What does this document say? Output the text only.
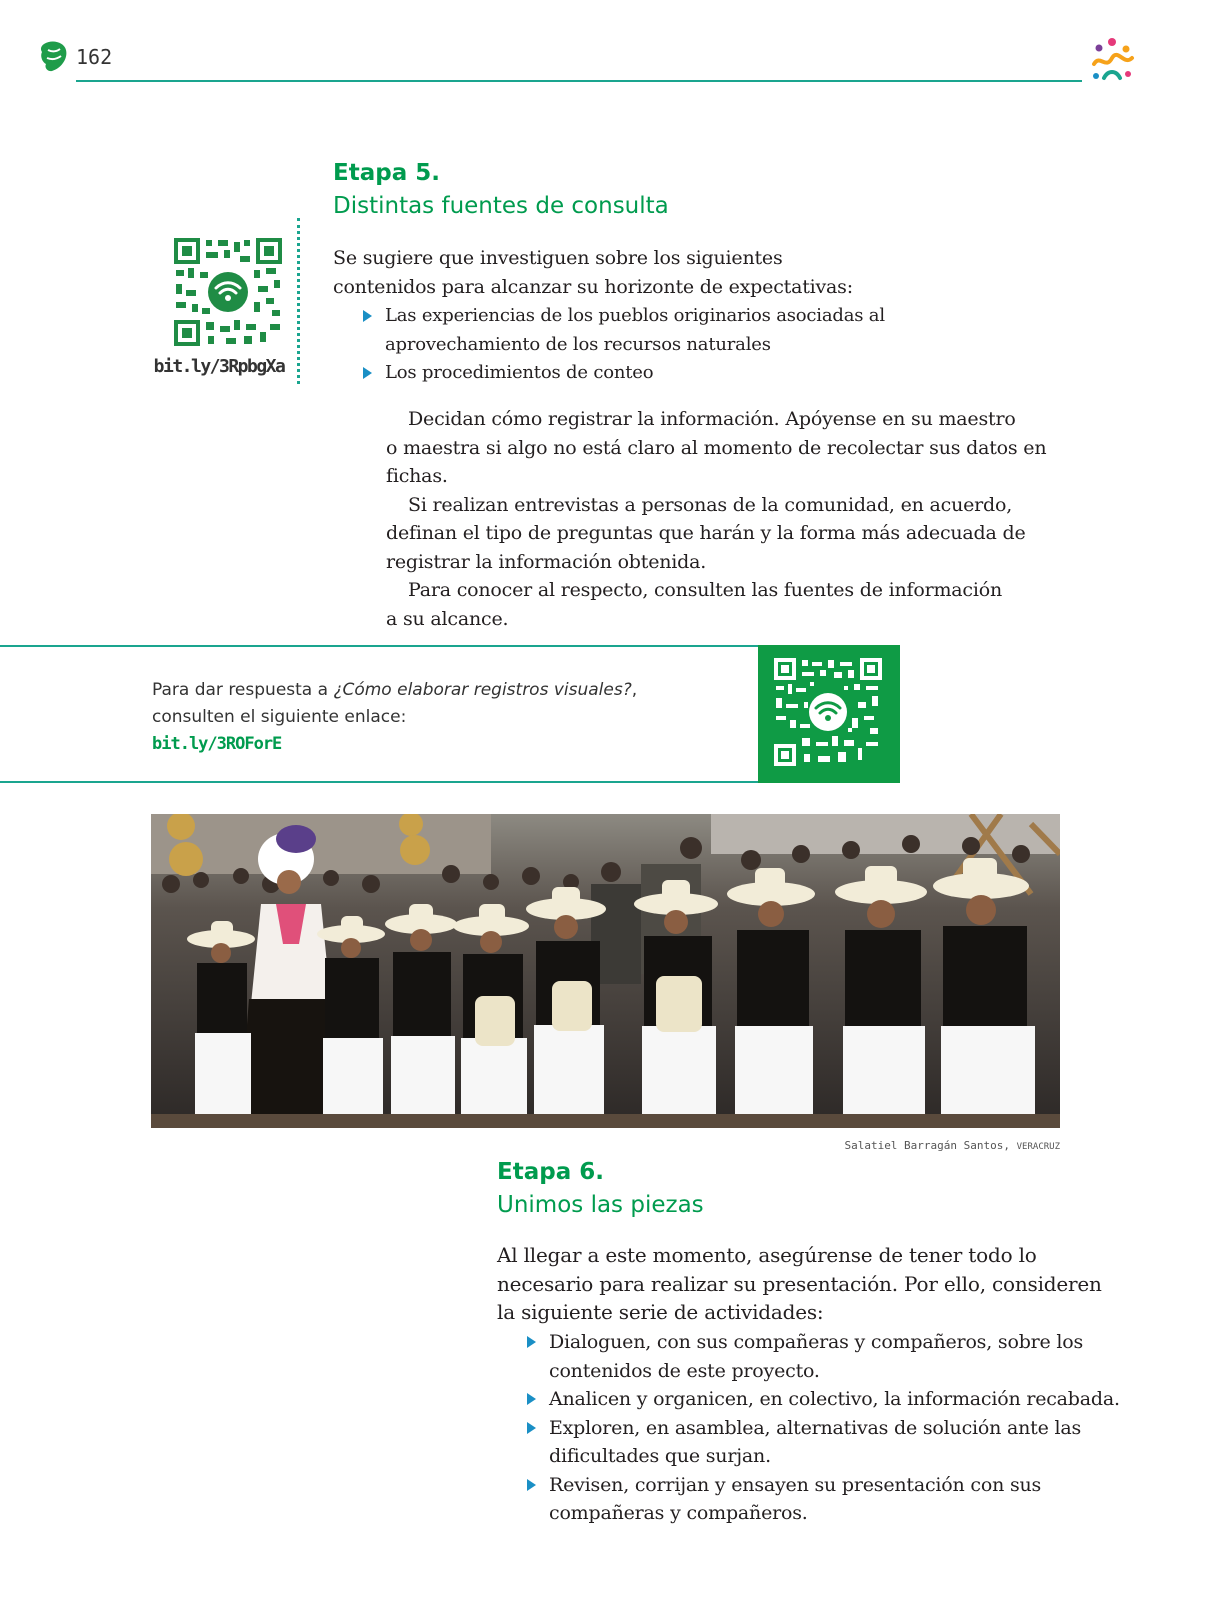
162
Etapa 5.
Distintas fuentes de consulta
bit.ly/3RpbgXa
Se sugiere que investiguen sobre los siguientes
contenidos para alcanzar su horizonte de expectativas:
Las experiencias de los pueblos originarios asociadas al
aprovechamiento de los recursos naturales
Los procedimientos de conteo
Decidan cómo registrar la información. Apóyense en su maestro
o maestra si algo no está claro al momento de recolectar sus datos en
fichas.
Si realizan entrevistas a personas de la comunidad, en acuerdo,
definan el tipo de preguntas que harán y la forma más adecuada de
registrar la información obtenida.
Para conocer al respecto, consulten las fuentes de información
a su alcance.
Para dar respuesta a ¿Cómo elaborar registros visuales?,
consulten el siguiente enlace:
bit.ly/3ROForE
Salatiel Barragán Santos, VERACRUZ
Etapa 6.
Unimos las piezas
Al llegar a este momento, asegúrense de tener todo lo
necesario para realizar su presentación. Por ello, consideren
la siguiente serie de actividades:
Dialoguen, con sus compañeras y compañeros, sobre los
contenidos de este proyecto.
Analicen y organicen, en colectivo, la información recabada.
Exploren, en asamblea, alternativas de solución ante las
dificultades que surjan.
Revisen, corrijan y ensayen su presentación con sus
compañeras y compañeros.
